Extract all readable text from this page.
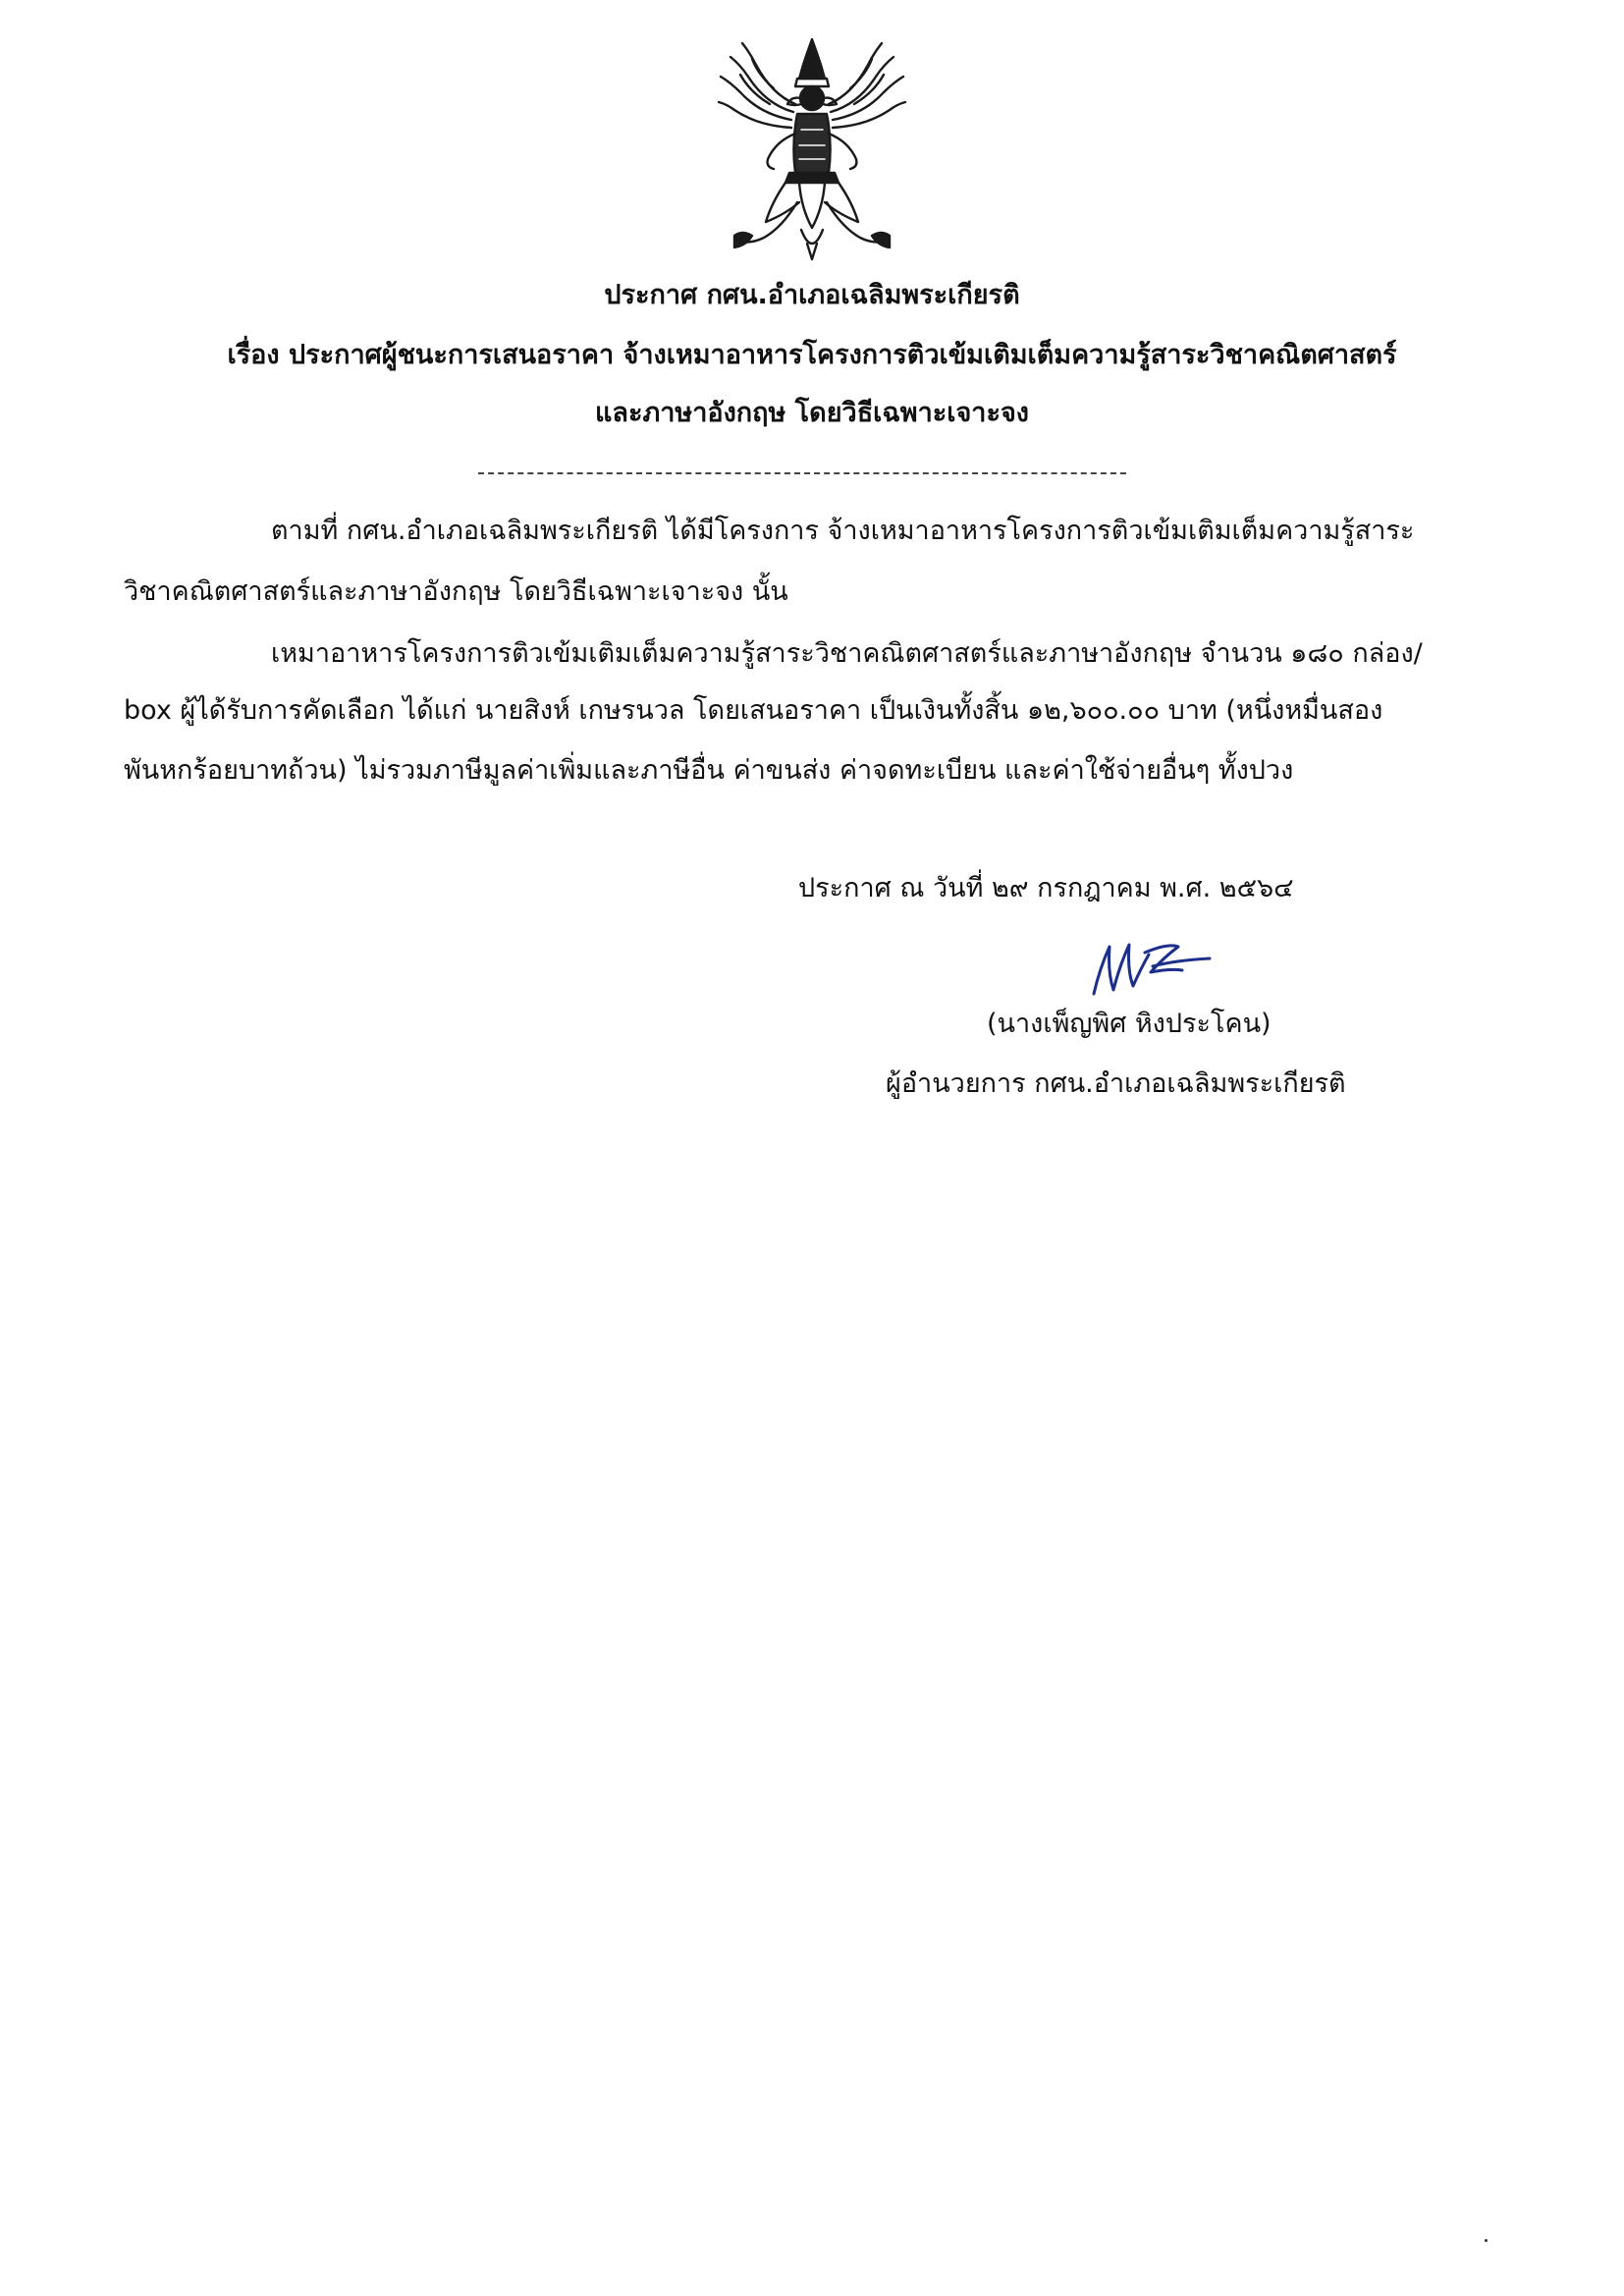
ประกาศ กศน.อำเภอเฉลิมพระเกียรติ
เรื่อง ประกาศผู้ชนะการเสนอราคา จ้างเหมาอาหารโครงการติวเข้มเติมเต็มความรู้สาระวิชาคณิตศาสตร์
และภาษาอังกฤษ โดยวิธีเฉพาะเจาะจง
ตามที่ กศน.อำเภอเฉลิมพระเกียรติ ได้มีโครงการ จ้างเหมาอาหารโครงการติวเข้มเติมเต็มความรู้สาระ
วิชาคณิตศาสตร์และภาษาอังกฤษ โดยวิธีเฉพาะเจาะจง นั้น
เหมาอาหารโครงการติวเข้มเติมเต็มความรู้สาระวิชาคณิตศาสตร์และภาษาอังกฤษ จำนวน ๑๘๐ กล่อง/
box ผู้ได้รับการคัดเลือก ได้แก่ นายสิงห์ เกษรนวล โดยเสนอราคา เป็นเงินทั้งสิ้น ๑๒,๖๐๐.๐๐ บาท (หนึ่งหมื่นสอง
พันหกร้อยบาทถ้วน) ไม่รวมภาษีมูลค่าเพิ่มและภาษีอื่น ค่าขนส่ง ค่าจดทะเบียน และค่าใช้จ่ายอื่นๆ ทั้งปวง
ประกาศ ณ วันที่ ๒๙ กรกฎาคม พ.ศ. ๒๕๖๔
(นางเพ็ญพิศ หิงประโคน)
ผู้อำนวยการ กศน.อำเภอเฉลิมพระเกียรติ
